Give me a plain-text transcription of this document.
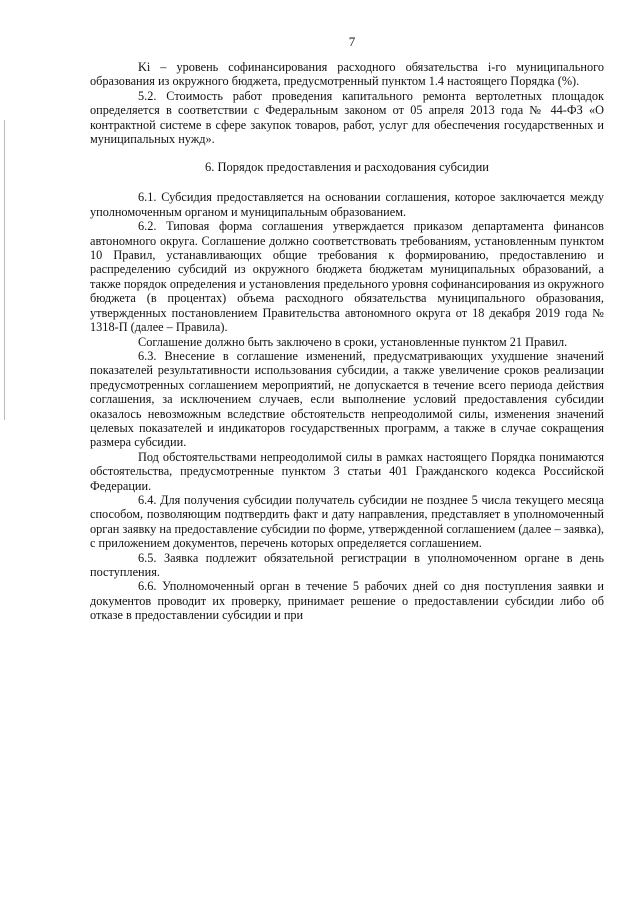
7

Ki – уровень софинансирования расходного обязательства i-го муниципального образования из окружного бюджета, предусмотренный пунктом 1.4 настоящего Порядка (%).

5.2. Стоимость работ проведения капитального ремонта вертолетных площадок определяется в соответствии с Федеральным законом от 05 апреля 2013 года № 44-ФЗ «О контрактной системе в сфере закупок товаров, работ, услуг для обеспечения государственных и муниципальных нужд».

6. Порядок предоставления и расходования субсидии

6.1. Субсидия предоставляется на основании соглашения, которое заключается между уполномоченным органом и муниципальным образованием.

6.2. Типовая форма соглашения утверждается приказом департамента финансов автономного округа. Соглашение должно соответствовать требованиям, установленным пунктом 10 Правил, устанавливающих общие требования к формированию, предоставлению и распределению субсидий из окружного бюджета бюджетам муниципальных образований, а также порядок определения и установления предельного уровня софинансирования из окружного бюджета (в процентах) объема расходного обязательства муниципального образования, утвержденных постановлением Правительства автономного округа от 18 декабря 2019 года № 1318-П (далее – Правила).

Соглашение должно быть заключено в сроки, установленные пунктом 21 Правил.

6.3. Внесение в соглашение изменений, предусматривающих ухудшение значений показателей результативности использования субсидии, а также увеличение сроков реализации предусмотренных соглашением мероприятий, не допускается в течение всего периода действия соглашения, за исключением случаев, если выполнение условий предоставления субсидии оказалось невозможным вследствие обстоятельств непреодолимой силы, изменения значений целевых показателей и индикаторов государственных программ, а также в случае сокращения размера субсидии.

Под обстоятельствами непреодолимой силы в рамках настоящего Порядка понимаются обстоятельства, предусмотренные пунктом 3 статьи 401 Гражданского кодекса Российской Федерации.

6.4. Для получения субсидии получатель субсидии не позднее 5 числа текущего месяца способом, позволяющим подтвердить факт и дату направления, представляет в уполномоченный орган заявку на предоставление субсидии по форме, утвержденной соглашением (далее – заявка), с приложением документов, перечень которых определяется соглашением.

6.5. Заявка подлежит обязательной регистрации в уполномоченном органе в день поступления.

6.6. Уполномоченный орган в течение 5 рабочих дней со дня поступления заявки и документов проводит их проверку, принимает решение о предоставлении субсидии либо об отказе в предоставлении субсидии и при
